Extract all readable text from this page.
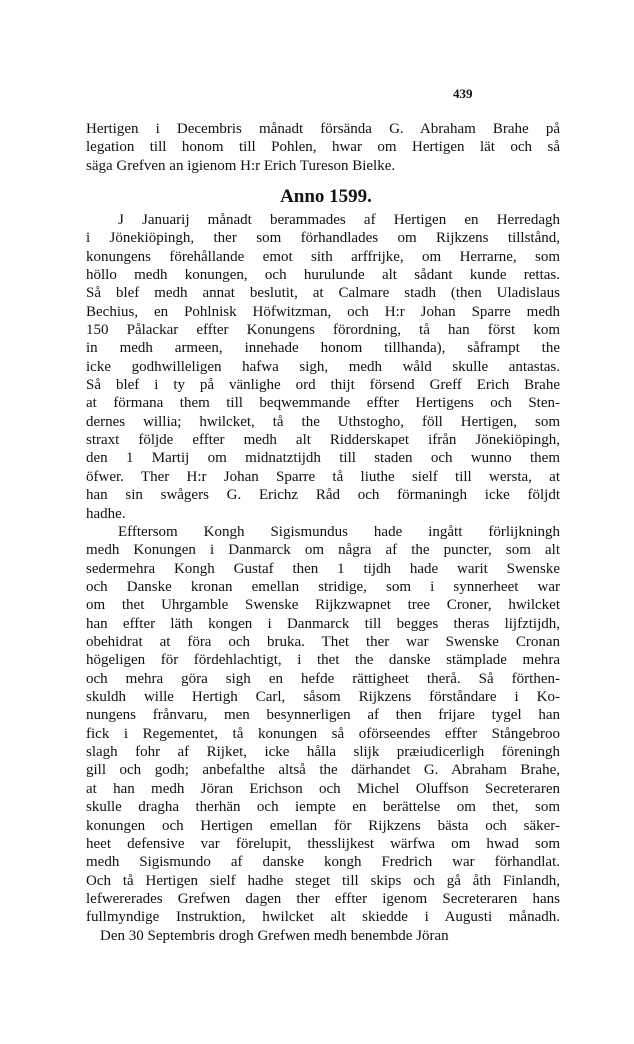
439
Hertigen i Decembris månadt försända G. Abraham Brahe på
legation till honom till Pohlen, hwar om Hertigen lät och så
säga Grefven an igienom H:r Erich Tureson Bielke.
Anno 1599.
J Januarij månadt berammades af Hertigen en Herredagh
i Jönekiöpingh, ther som förhandlades om Rijkzens tillstånd,
konungens förehållande emot sith arffrijke, om Herrarne, som
höllo medh konungen, och hurulunde alt sådant kunde rettas.
Så blef medh annat beslutit, at Calmare stadh (then Uladislaus
Bechius, en Pohlnisk Höfwitzman, och H:r Johan Sparre medh
150 Pålackar effter Konungens förordning, tå han först kom
in medh armeen, innehade honom tillhanda), såframpt the
icke godhwilleligen hafwa sigh, medh wåld skulle antastas.
Så blef i ty på vänlighe ord thijt försend Greff Erich Brahe
at förmana them till beqwemmande effter Hertigens och Sten-
dernes willia; hwilcket, tå the Uthstogho, föll Hertigen, som
straxt följde effter medh alt Ridderskapet ifrån Jönekiöpingh,
den 1 Martij om midnatztijdh till staden och wunno them
öfwer. Ther H:r Johan Sparre tå liuthe sielf till wersta, at
han sin swågers G. Erichz Råd och förmaningh icke följdt
hadhe.
Efftersom Kongh Sigismundus hade ingått förlijkningh
medh Konungen i Danmarck om några af the puncter, som alt
sedermehra Kongh Gustaf then 1 tijdh hade warit Swenske
och Danske kronan emellan stridige, som i synnerheet war
om thet Uhrgamble Swenske Rijkzwapnet tree Croner, hwilcket
han effter läth kongen i Danmarck till begges theras lijfztijdh,
obehidrat at föra och bruka. Thet ther war Swenske Cronan
högeligen för fördehlachtigt, i thet the danske stämplade mehra
och mehra göra sigh en hefde rättigheet therå. Så förthen-
skuldh wille Hertigh Carl, såsom Rijkzens förståndare i Ko-
nungens frånvaru, men besynnerligen af then frijare tygel han
fick i Regementet, tå konungen så oförseendes effter Stångebroo
slagh fohr af Rijket, icke hålla slijk præiudicerligh föreningh
gill och godh; anbefalthe altså the därhandet G. Abraham Brahe,
at han medh Jöran Erichson och Michel Oluffson Secreteraren
skulle dragha therhän och iempte en berättelse om thet, som
konungen och Hertigen emellan för Rijkzens bästa och säker-
heet defensive var förelupit, thesslijkest wärfwa om hwad som
medh Sigismundo af danske kongh Fredrich war förhandlat.
Och tå Hertigen sielf hadhe steget till skips och gå åth Finlandh,
lefwererades Grefwen dagen ther effter igenom Secreteraren hans
fullmyndige Instruktion, hwilcket alt skiedde i Augusti månadh.
Den 30 Septembris drogh Grefwen medh benembde Jöran
